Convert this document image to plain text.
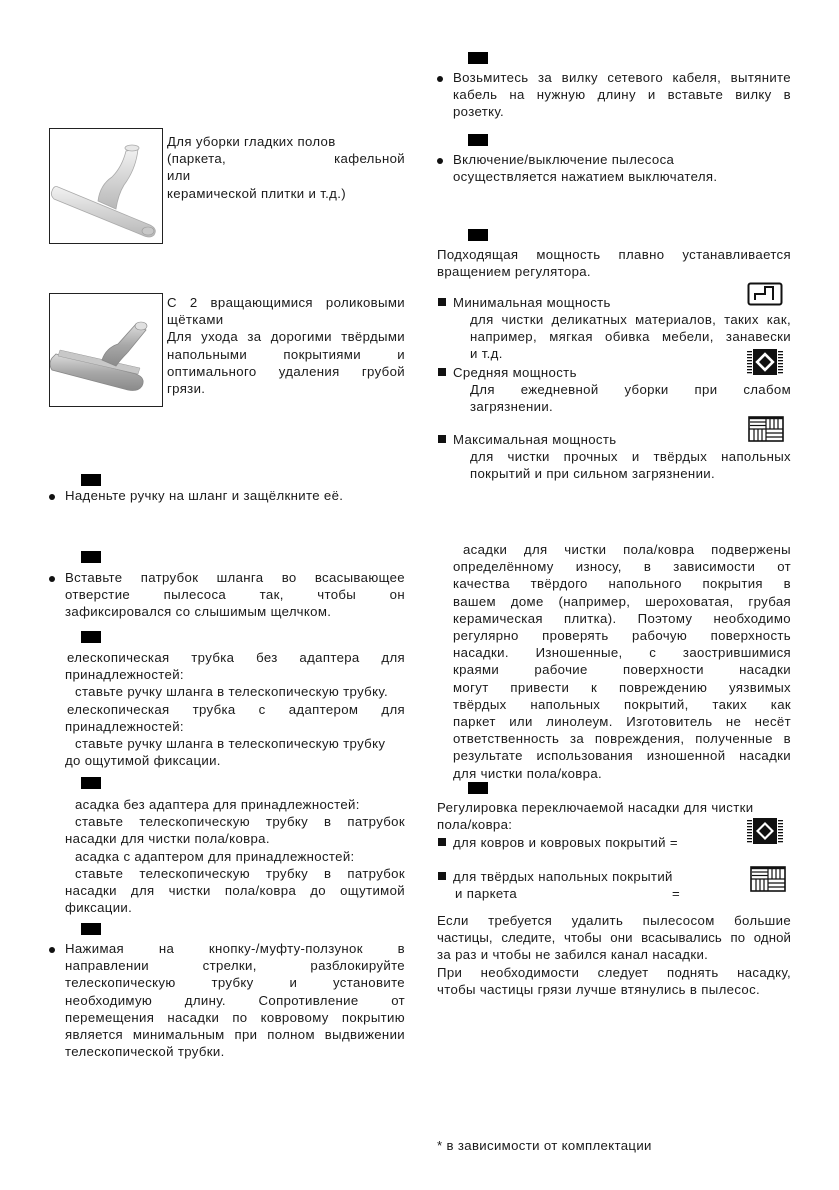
Для уборки гладких полов
(паркета, кафельной или
керамической плитки и т.д.)
С 2 вращающимися роликовыми
щётками
Для ухода за дорогими твёрдыми
напольными покрытиями и
оптимального удаления грубой
грязи.
Наденьте ручку на шланг и защёлкните её.
Вставьте патрубок шланга во всасывающее
отверстие пылесоса так, чтобы он
зафиксировался со слышимым щелчком.
елескопическая трубка без адаптера для
принадлежностей:
ставьте ручку шланга в телескопическую трубку.
елескопическая трубка с адаптером для
принадлежностей:
ставьте ручку шланга в телескопическую трубку
до ощутимой фиксации.
асадка без адаптера для принадлежностей:
ставьте телескопическую трубку в патрубок
насадки для чистки пола/ковра.
асадка с адаптером для принадлежностей:
ставьте телескопическую трубку в патрубок
насадки для чистки пола/ковра до ощутимой
фиксации.
Нажимая на кнопку-/муфту-ползунок в
направлении стрелки, разблокируйте
телескопическую трубку и установите
необходимую длину. Сопротивление от
перемещения насадки по ковровому покрытию
является минимальным при полном выдвижении
телескопической трубки.
Возьмитесь за вилку сетевого кабеля, вытяните
кабель на нужную длину и вставьте вилку в
розетку.
Включение/выключение пылесоса
осуществляется нажатием выключателя.
Подходящая мощность плавно устанавливается
вращением регулятора.
Минимальная мощность
для чистки деликатных материалов, таких как,
например, мягкая обивка мебели, занавески
и т.д.
Средняя мощность
Для ежедневной уборки при слабом
загрязнении.
Максимальная мощность
для чистки прочных и твёрдых напольных
покрытий и при сильном загрязнении.
асадки для чистки пола/ковра подвержены
определённому износу, в зависимости от
качества твёрдого напольного покрытия в
вашем доме (например, шероховатая, грубая
керамическая плитка). Поэтому необходимо
регулярно проверять рабочую поверхность
насадки. Изношенные, с заострившимися
краями рабочие поверхности насадки
могут привести к повреждению уязвимых
твёрдых напольных покрытий, таких как
паркет или линолеум. Изготовитель не несёт
ответственность за повреждения, полученные в
результате использования изношенной насадки
для чистки пола/ковра.
Регулировка переключаемой насадки для чистки
пола/ковра:
для ковров и ковровых покрытий =
для твёрдых напольных покрытий
и паркета	=
Если требуется удалить пылесосом большие
частицы, следите, чтобы они всасывались по одной
за раз и чтобы не забился канал насадки.
При необходимости следует поднять насадку,
чтобы частицы грязи лучше втянулись в пылесос.
* в зависимости от комплектации
